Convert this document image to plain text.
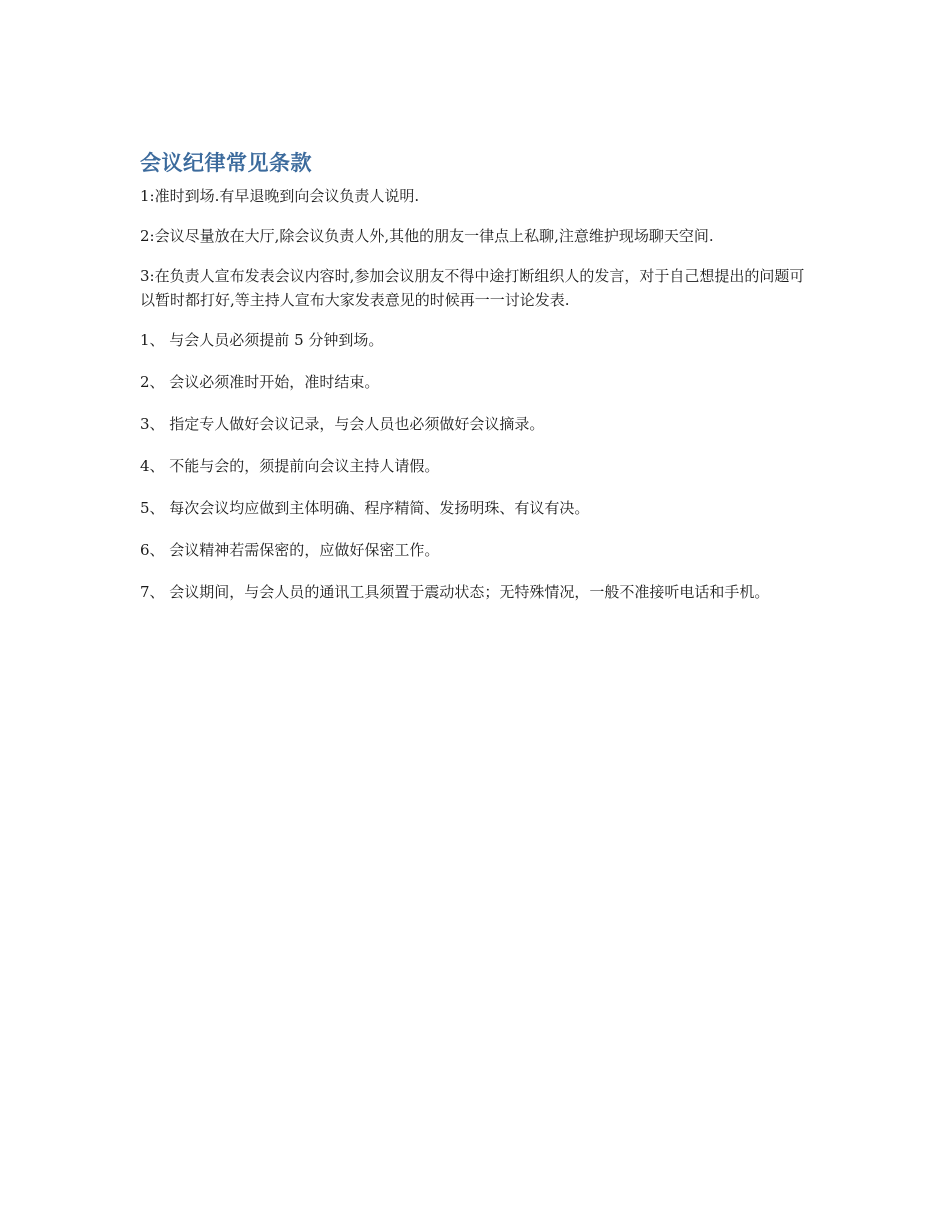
会议纪律常见条款

1:准时到场.有早退晚到向会议负责人说明.

2:会议尽量放在大厅,除会议负责人外,其他的朋友一律点上私聊,注意维护现场聊天空间.

3:在负责人宣布发表会议内容时,参加会议朋友不得中途打断组织人的发言，对于自己想提出的问题可以暂时都打好,等主持人宣布大家发表意见的时候再一一讨论发表.

1、 与会人员必须提前 5 分钟到场。

2、 会议必须准时开始，准时结束。

3、 指定专人做好会议记录，与会人员也必须做好会议摘录。

4、 不能与会的，须提前向会议主持人请假。

5、 每次会议均应做到主体明确、程序精简、发扬明珠、有议有决。

6、 会议精神若需保密的，应做好保密工作。

7、 会议期间，与会人员的通讯工具须置于震动状态；无特殊情况，一般不准接听电话和手机。
